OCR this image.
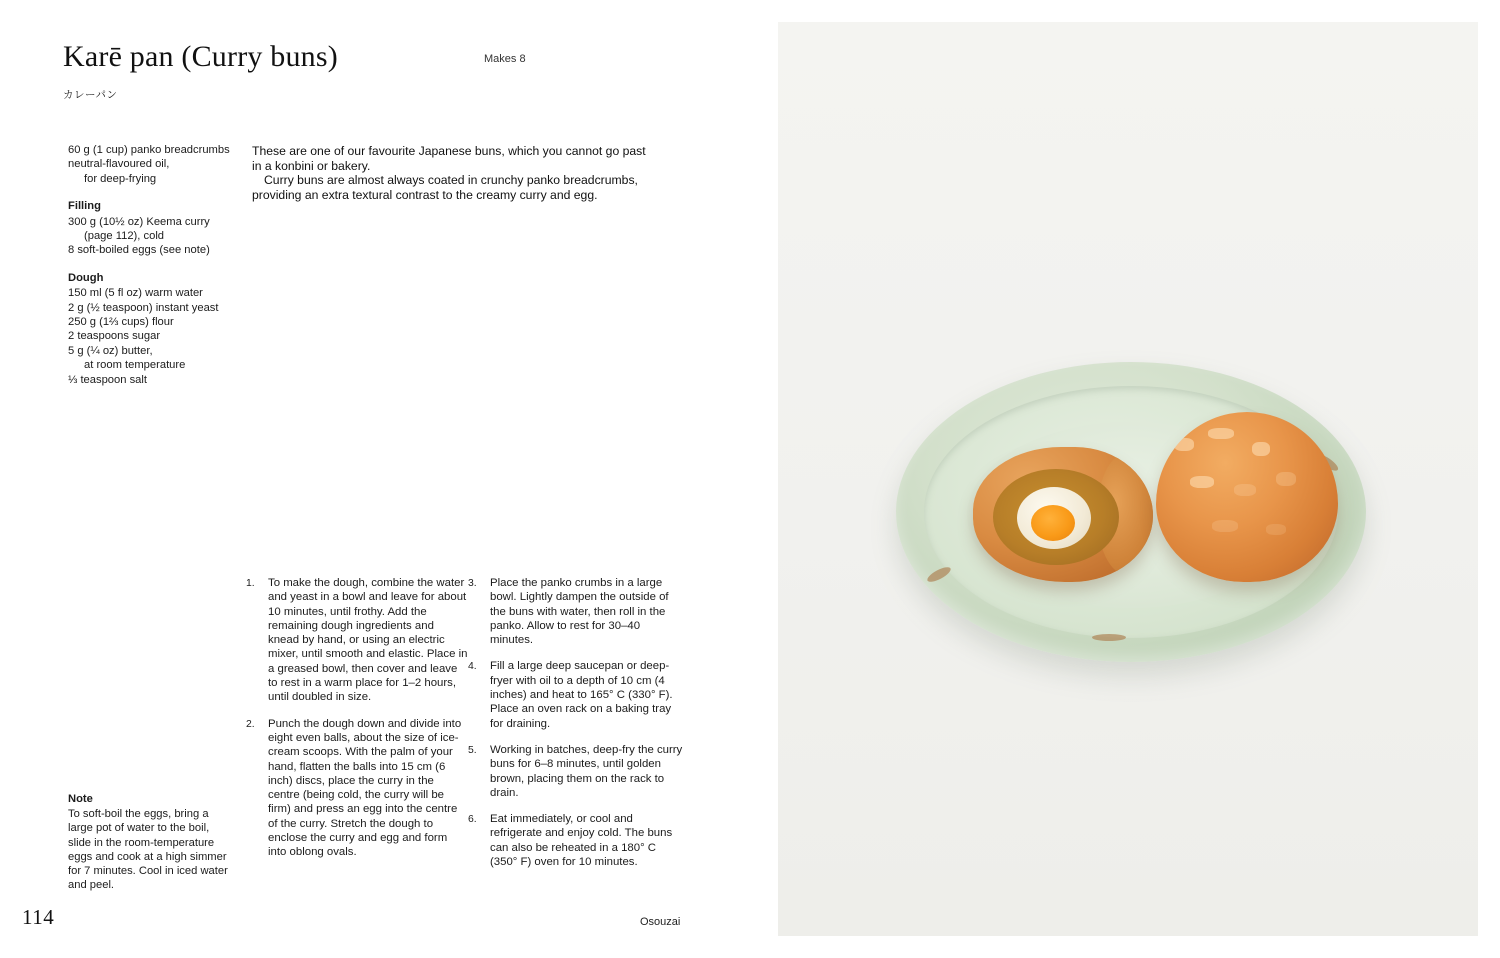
Karē pan (Curry buns)
カレーパン
Makes 8
60 g (1 cup) panko breadcrumbs
neutral-flavoured oil,
for deep-frying
Filling
300 g (10½ oz) Keema curry
(page 112), cold
8 soft-boiled eggs (see note)
Dough
150 ml (5 fl oz) warm water
2 g (½ teaspoon) instant yeast
250 g (1⅔ cups) flour
2 teaspoons sugar
5 g (¼ oz) butter,
at room temperature
⅓ teaspoon salt

These are one of our favourite Japanese buns, which you cannot go past in a konbini or bakery.

Curry buns are almost always coated in crunchy panko breadcrumbs, providing an extra textural contrast to the creamy curry and egg.

1.	To make the dough, combine the water and yeast in a bowl and leave for about 10 minutes, until frothy. Add the remaining dough ingredients and knead by hand, or using an electric mixer, until smooth and elastic. Place in a greased bowl, then cover and leave to rest in a warm place for 1–2 hours, until doubled in size.
2.	Punch the dough down and divide into eight even balls, about the size of ice-cream scoops. With the palm of your hand, flatten the balls into 15 cm (6 inch) discs, place the curry in the centre (being cold, the curry will be firm) and press an egg into the centre of the curry. Stretch the dough to enclose the curry and egg and form into oblong ovals.
3.	Place the panko crumbs in a large bowl. Lightly dampen the outside of the buns with water, then roll in the panko. Allow to rest for 30–40 minutes.
4.	Fill a large deep saucepan or deep-fryer with oil to a depth of 10 cm (4 inches) and heat to 165° C (330° F). Place an oven rack on a baking tray for draining.
5.	Working in batches, deep-fry the curry buns for 6–8 minutes, until golden brown, placing them on the rack to drain.
6.	Eat immediately, or cool and refrigerate and enjoy cold. The buns can also be reheated in a 180° C (350° F) oven for 10 minutes.
Note
To soft-boil the eggs, bring a large pot of water to the boil, slide in the room-temperature eggs and cook at a high simmer for 7 minutes. Cool in iced water and peel.
114	Osouzai
